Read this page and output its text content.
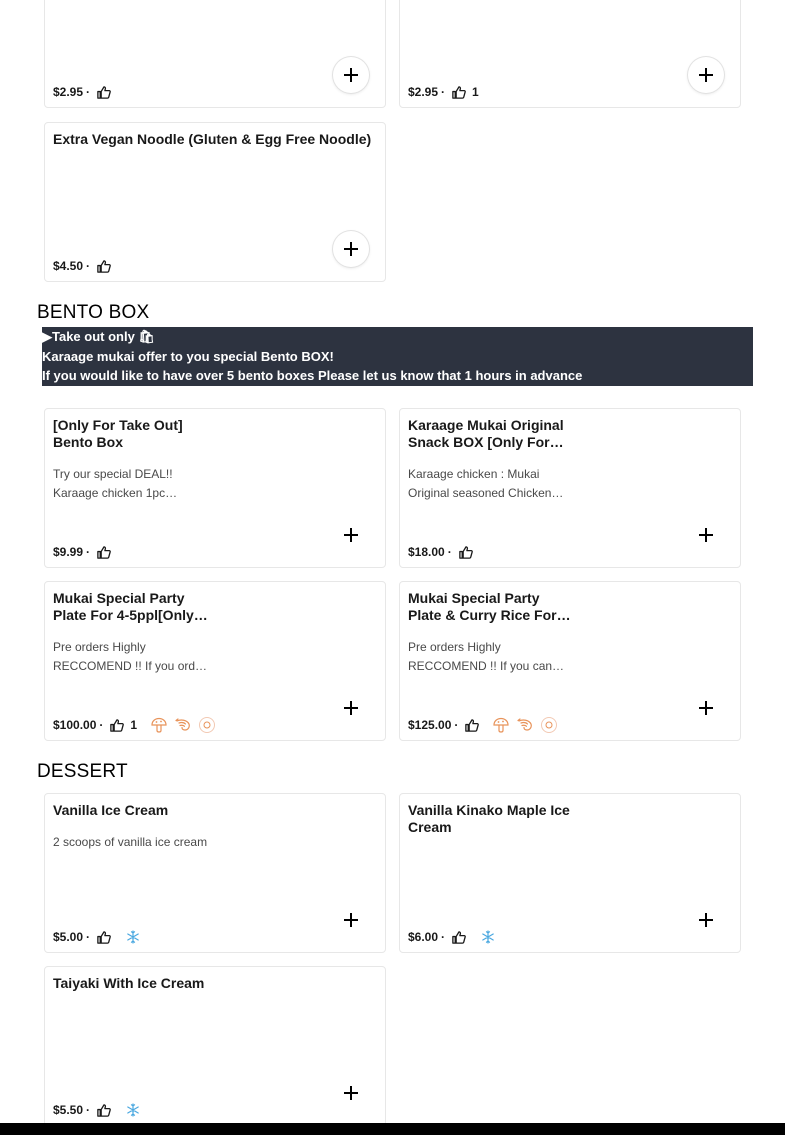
$2.95 ·	$2.95 · 1
Extra Vegan Noodle (Gluten & Egg Free Noodle)
$4.50 ·
BENTO BOX
▶Take out only 🛍
Karaage mukai offer to you special Bento BOX!
If you would like to have over 5 bento boxes Please let us know that 1 hours in advance
[Only For Take Out]
Bento Box
Try our special DEAL!!
Karaage chicken 1pc…
$9.99 ·
Karaage Mukai Original
Snack BOX [Only For…
Karaage chicken : Mukai
Original seasoned Chicken…
$18.00 ·
Mukai Special Party
Plate For 4-5ppl[Only…
Pre orders Highly
RECCOMEND !! If you ord…
$100.00 · 1
Mukai Special Party
Plate & Curry Rice For…
Pre orders Highly
RECCOMEND !! If you can…
$125.00 ·
DESSERT
Vanilla Ice Cream
2 scoops of vanilla ice cream
$5.00 ·
Vanilla Kinako Maple Ice
Cream
$6.00 ·
Taiyaki With Ice Cream
$5.50 ·
